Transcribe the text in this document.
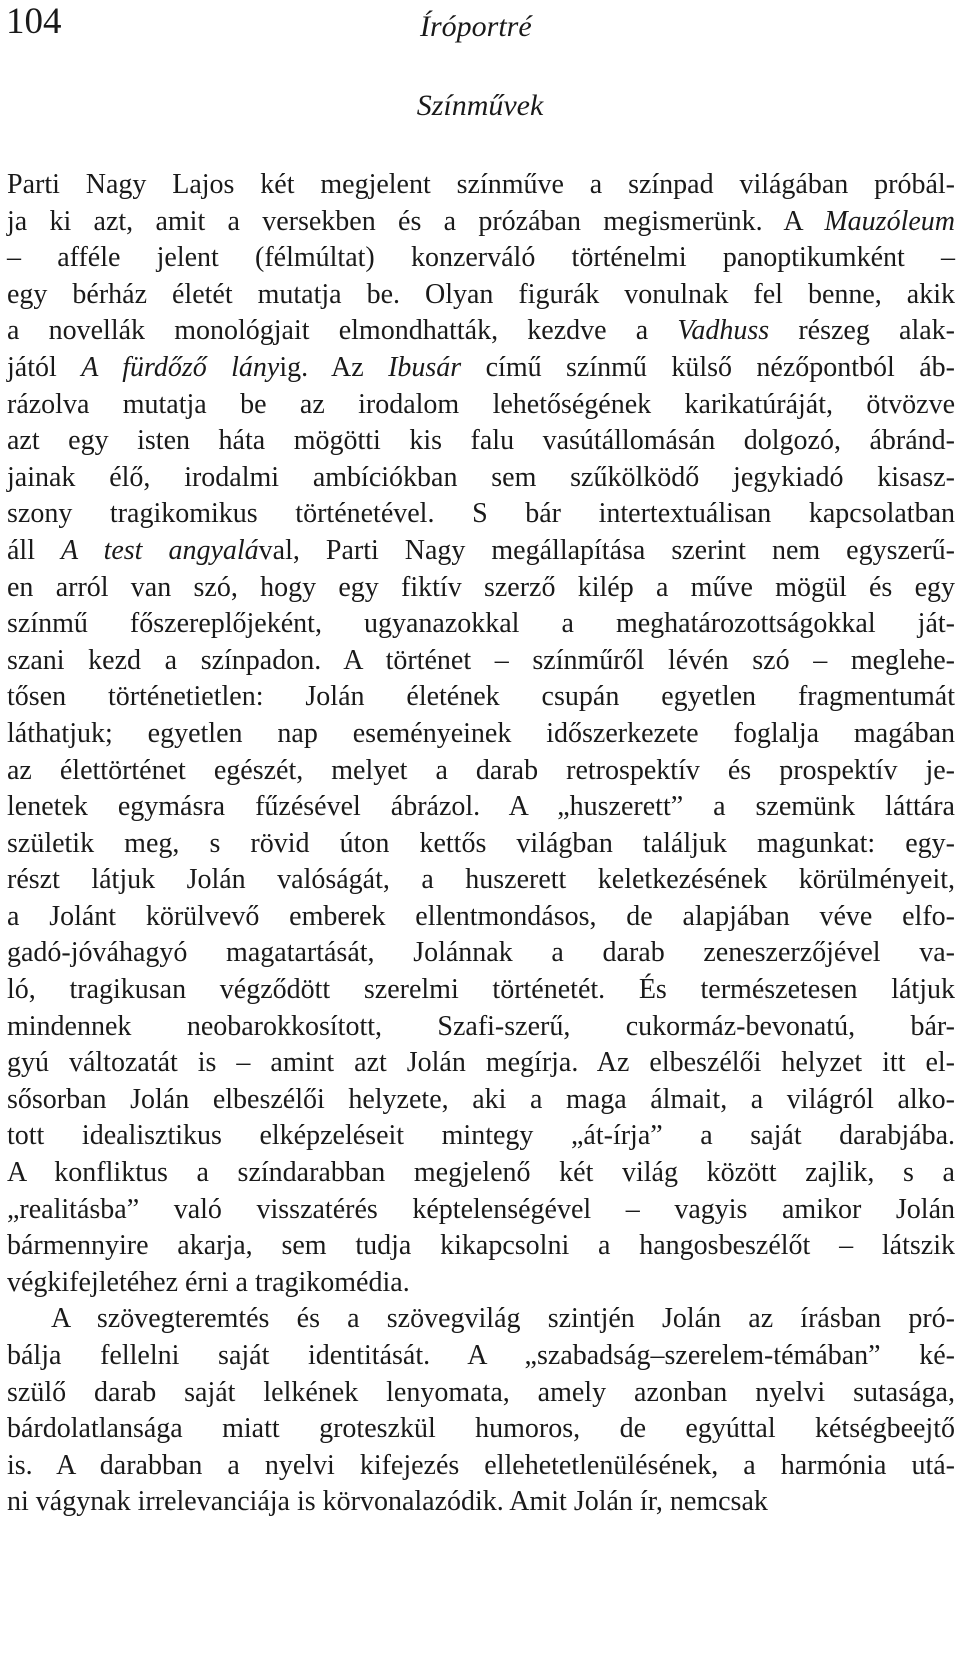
104	Íróportré
Színművek
Parti Nagy Lajos két megjelent színműve a színpad világában próbál-
ja ki azt, amit a versekben és a prózában megismerünk. A Mauzóleum
– afféle jelent (félmúltat) konzerváló történelmi panoptikumként –
egy bérház életét mutatja be. Olyan figurák vonulnak fel benne, akik
a novellák monológjait elmondhatták, kezdve a Vadhuss részeg alak-
jától A fürdőző lányig. Az Ibusár című színmű külső nézőpontból áb-
rázolva mutatja be az irodalom lehetőségének karikatúráját, ötvözve
azt egy isten háta mögötti kis falu vasútállomásán dolgozó, ábránd-
jainak élő, irodalmi ambíciókban sem szűkölködő jegykiadó kisasz-
szony tragikomikus történetével. S bár intertextuálisan kapcsolatban
áll A test angyalával, Parti Nagy megállapítása szerint nem egyszerű-
en arról van szó, hogy egy fiktív szerző kilép a műve mögül és egy
színmű főszereplőjeként, ugyanazokkal a meghatározottságokkal ját-
szani kezd a színpadon. A történet – színműről lévén szó – meglehe-
tősen történetietlen: Jolán életének csupán egyetlen fragmentumát
láthatjuk; egyetlen nap eseményeinek időszerkezete foglalja magában
az élettörténet egészét, melyet a darab retrospektív és prospektív je-
lenetek egymásra fűzésével ábrázol. A „huszerett” a szemünk láttára
születik meg, s rövid úton kettős világban találjuk magunkat: egy-
részt látjuk Jolán valóságát, a huszerett keletkezésének körülményeit,
a Jolánt körülvevő emberek ellentmondásos, de alapjában véve elfo-
gadó-jóváhagyó magatartását, Jolánnak a darab zeneszerzőjével va-
ló, tragikusan végződött szerelmi történetét. És természetesen látjuk
mindennek neobarokkosított, Szafi-szerű, cukormáz-bevonatú, bár-
gyú változatát is – amint azt Jolán megírja. Az elbeszélői helyzet itt el-
sősorban Jolán elbeszélői helyzete, aki a maga álmait, a világról alko-
tott idealisztikus elképzeléseit mintegy „át-írja” a saját darabjába.
A konfliktus a színdarabban megjelenő két világ között zajlik, s a
„realitásba” való visszatérés képtelenségével – vagyis amikor Jolán
bármennyire akarja, sem tudja kikapcsolni a hangosbeszélőt – látszik
végkifejletéhez érni a tragikomédia.
A szövegteremtés és a szövegvilág szintjén Jolán az írásban pró-
bálja fellelni saját identitását. A „szabadság–szerelem-témában” ké-
szülő darab saját lelkének lenyomata, amely azonban nyelvi sutasága,
bárdolatlansága miatt groteszkül humoros, de egyúttal kétségbeejtő
is. A darabban a nyelvi kifejezés ellehetetlenülésének, a harmónia utá-
ni vágynak irrelevanciája is körvonalazódik. Amit Jolán ír, nemcsak
